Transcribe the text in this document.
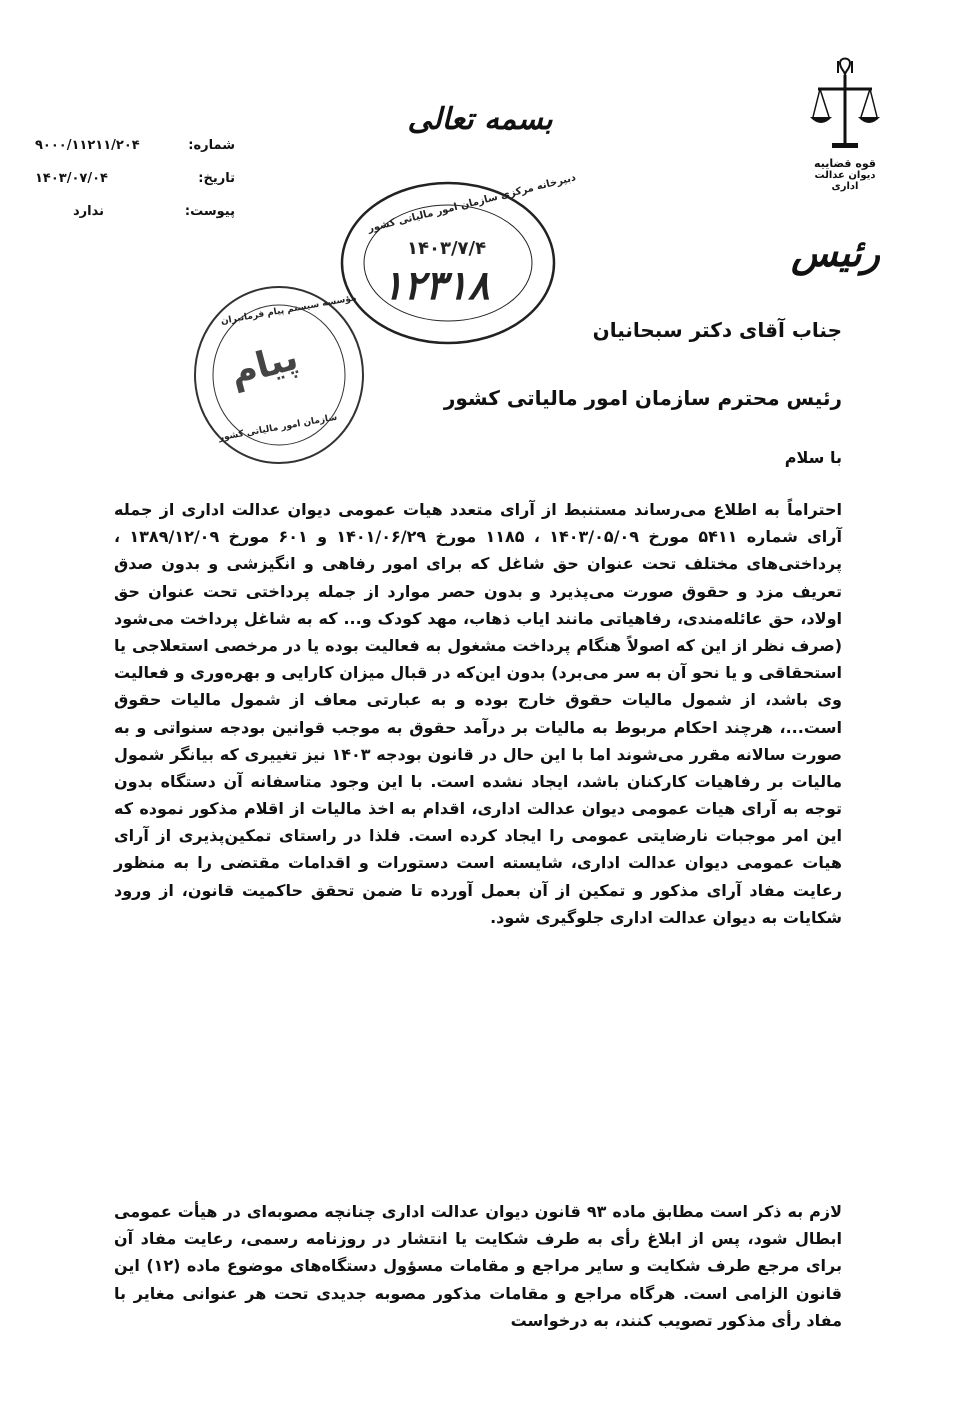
بسمه تعالی
شماره:
۹۰۰۰/۱۱۲۱۱/۲۰۴
تاریخ:
۱۴۰۳/۰۷/۰۴
پیوست:
ندارد
قوه قضاییه
دیوان عدالت اداری
رئیس
دبیرخانه مرکزی سازمان امور مالیاتی کشور
۱۴۰۳/۷/۴
۱۲۳۱۸
مؤسسه سیستم پیام فرمانبران
پیام
سازمان امور مالیاتی کشور
جناب آقای دکتر سبحانیان
رئیس محترم سازمان امور مالیاتی کشور
با سلام
احتراماً به اطلاع می‌رساند مستنبط از آرای متعدد هیات عمومی دیوان عدالت اداری از جمله آرای شماره ۵۴۱۱ مورخ ۱۴۰۳/۰۵/۰۹ ، ۱۱۸۵ مورخ ۱۴۰۱/۰۶/۲۹ و ۶۰۱ مورخ ۱۳۸۹/۱۲/۰۹ ، پرداختی‌های مختلف تحت عنوان حق شاغل که برای امور رفاهی و انگیزشی و بدون صدق تعریف مزد و حقوق صورت می‌پذیرد و بدون حصر موارد از جمله پرداختی تحت عنوان حق اولاد، حق عائله‌مندی، رفاهیاتی مانند ایاب ذهاب، مهد کودک و... که به شاغل پرداخت می‌شود (صرف نظر از این که اصولاً هنگام پرداخت مشغول به فعالیت بوده یا در مرخصی استعلاجی یا استحقاقی و یا نحو آن به سر می‌برد) بدون این‌که در قبال میزان کارایی و بهره‌وری و فعالیت وی باشد، از شمول مالیات حقوق خارج بوده و به عبارتی معاف از شمول مالیات حقوق است...، هرچند احکام مربوط به مالیات بر درآمد حقوق به موجب قوانین بودجه سنواتی و به صورت سالانه مقرر می‌شوند اما با این حال در قانون بودجه ۱۴۰۳ نیز تغییری که بیانگر شمول مالیات بر رفاهیات کارکنان باشد، ایجاد نشده است. با این وجود متاسفانه آن دستگاه بدون توجه به آرای هیات عمومی دیوان عدالت اداری، اقدام به اخذ مالیات از اقلام مذکور نموده که این امر موجبات نارضایتی عمومی را ایجاد کرده است. فلذا در راستای تمکین‌پذیری از آرای هیات عمومی دیوان عدالت اداری، شایسته است دستورات و اقدامات مقتضی را به منظور رعایت مفاد آرای مذکور و تمکین از آن بعمل آورده تا ضمن تحقق حاکمیت قانون، از ورود شکایات به دیوان عدالت اداری جلوگیری شود.
لازم به ذکر است مطابق ماده ۹۳ قانون دیوان عدالت اداری چنانچه مصوبه‌ای در هیأت عمومی ابطال شود، پس از ابلاغ رأی به طرف شکایت یا انتشار در روزنامه رسمی، رعایت مفاد آن برای مرجع طرف شکایت و سایر مراجع و مقامات مسؤول دستگاه‌های موضوع ماده (۱۲) این قانون الزامی است. هرگاه مراجع و مقامات مذکور مصوبه جدیدی تحت هر عنوانی مغایر با مفاد رأی مذکور تصویب کنند، به درخواست
